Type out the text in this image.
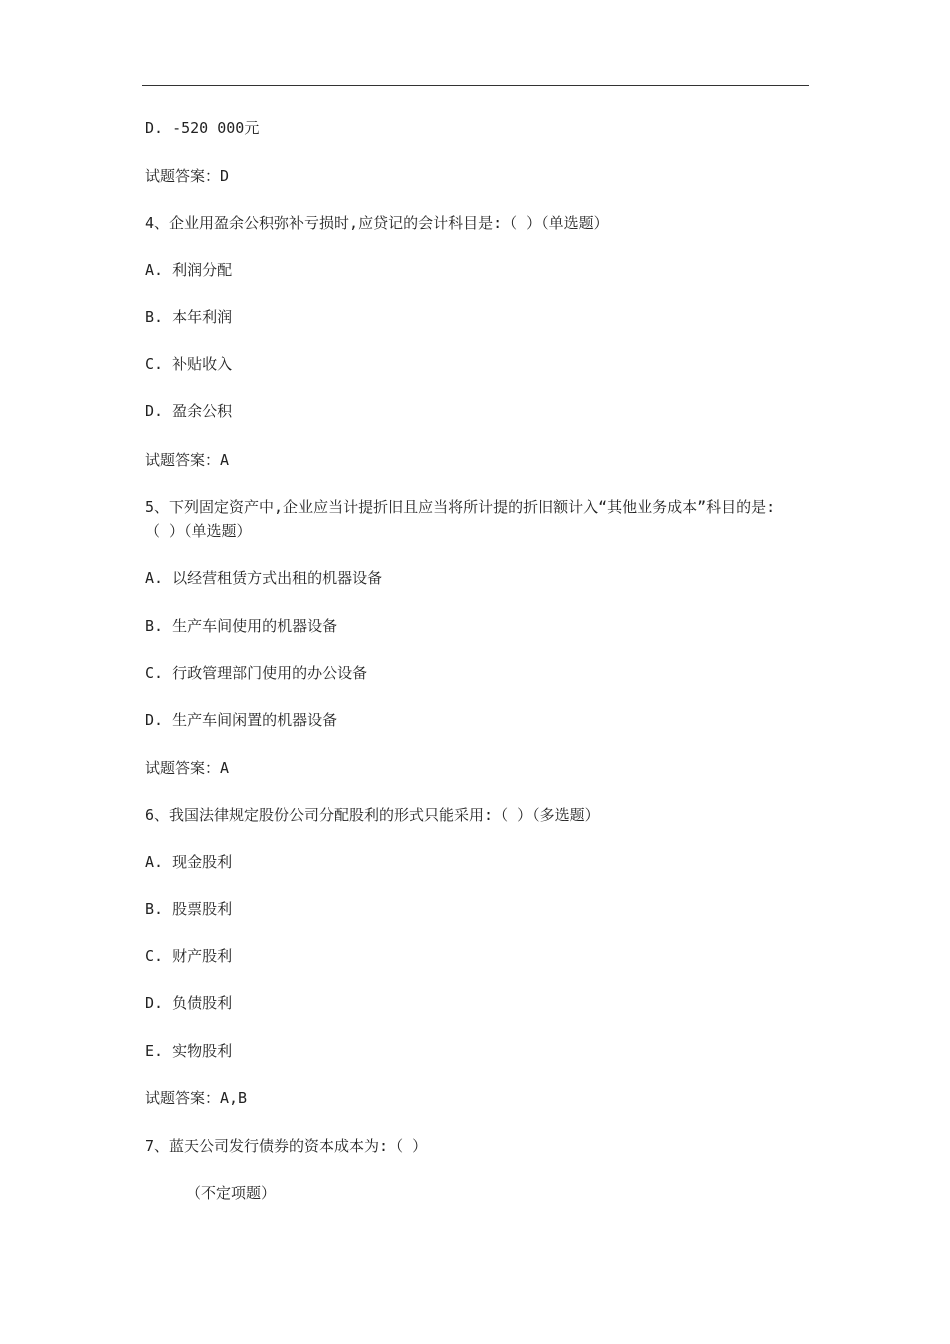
D. -520 000元
试题答案：D
4、企业用盈余公积弥补亏损时,应贷记的会计科目是:（ ）（单选题）
A. 利润分配
B. 本年利润
C. 补贴收入
D. 盈余公积
试题答案：A
5、下列固定资产中,企业应当计提折旧且应当将所计提的折旧额计入“其他业务成本”科目的是:
（ ）（单选题）
A. 以经营租赁方式出租的机器设备
B. 生产车间使用的机器设备
C. 行政管理部门使用的办公设备
D. 生产车间闲置的机器设备
试题答案：A
6、我国法律规定股份公司分配股利的形式只能采用:（ ）（多选题）
A. 现金股利
B. 股票股利
C. 财产股利
D. 负债股利
E. 实物股利
试题答案：A,B
7、蓝天公司发行债券的资本成本为:（ ）
（不定项题）
